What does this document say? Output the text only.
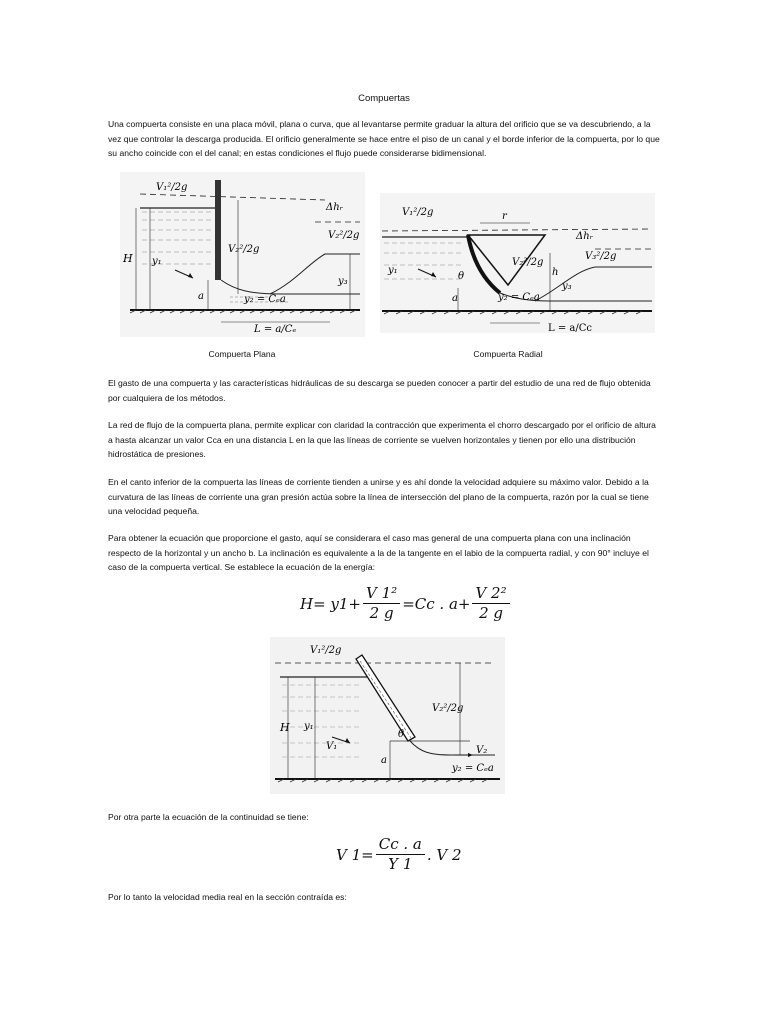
Compuertas

Una compuerta consiste en una placa móvil, plana o curva, que al levantarse permite graduar la altura del orificio que se va descubriendo, a la vez que controlar la descarga producida. El orificio generalmente se hace entre el piso de un canal y el borde inferior de la compuerta, por lo que su ancho coincide con el del canal; en estas condiciones el flujo puede considerarse bidimensional.

V₁²/2g
Δhᵣ
V₂²/2g
V₂²/2g
H y₁
a	y₂ = Cₑa
y₃
L = a/Cₑ
V₁²/2g	r
Δhᵣ
V₂²/2g
V₃²/2g
y₁
θ	h
a	y₂ = Cₑa
y₃
L = a/Cc
Compuerta Plana	Compuerta Radial

El gasto de una compuerta y las características hidráulicas de su descarga se pueden conocer a partir del estudio de una red de flujo obtenida por cualquiera de los métodos.

La red de flujo de la compuerta plana, permite explicar con claridad la contracción que experimenta el chorro descargado por el orificio de altura a hasta alcanzar un valor Cca en una distancia L en la que las líneas de corriente se vuelven horizontales y tienen por ello una distribución hidrostática de presiones.

En el canto inferior de la compuerta las líneas de corriente tienden a unirse y es ahí donde la velocidad adquiere su máximo valor. Debido a la curvatura de las líneas de corriente una gran presión actúa sobre la línea de intersección del plano de la compuerta, razón por la cual se tiene una velocidad pequeña.

Para obtener la ecuación que proporcione el gasto, aquí se considerara el caso mas general de una compuerta plana con una inclinación respecto de la horizontal y un ancho b. La inclinación es equivalente a la de la tangente en el labio de la compuerta radial, y con 90° incluye el caso de la compuerta vertical. Se establece la ecuación de la energía:

$H= y1+ \frac{\text{V 1²}}{2 g} =Cc$ . $a+ \frac{\text{V 2²}}{2 g}$
V₁²/2g
V₂²/2g
H y₁
V₁
θ
a
V₂
y₂ = Cₑa

Por otra parte la ecuación de la continuidad se tiene:

V $1= \frac{Cc . a}{Y 1}$ . V 2

Por lo tanto la velocidad media real en la sección contraída es:
